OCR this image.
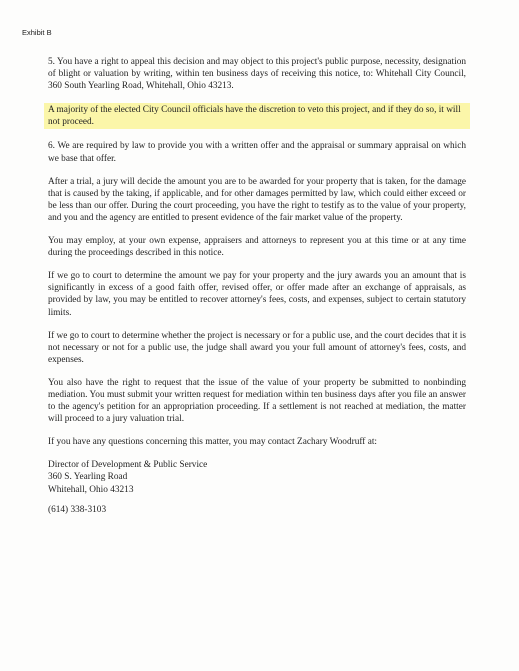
Exhibit B

5. You have a right to appeal this decision and may object to this project's public purpose, necessity, designation of blight or valuation by writing, within ten business days of receiving this notice, to: Whitehall City Council, 360 South Yearling Road, Whitehall, Ohio 43213.

A majority of the elected City Council officials have the discretion to veto this project, and if they do so, it will not proceed.

6. We are required by law to provide you with a written offer and the appraisal or summary appraisal on which we base that offer.

After a trial, a jury will decide the amount you are to be awarded for your property that is taken, for the damage that is caused by the taking, if applicable, and for other damages permitted by law, which could either exceed or be less than our offer. During the court proceeding, you have the right to testify as to the value of your property, and you and the agency are entitled to present evidence of the fair market value of the property.

You may employ, at your own expense, appraisers and attorneys to represent you at this time or at any time during the proceedings described in this notice.

If we go to court to determine the amount we pay for your property and the jury awards you an amount that is significantly in excess of a good faith offer, revised offer, or offer made after an exchange of appraisals, as provided by law, you may be entitled to recover attorney's fees, costs, and expenses, subject to certain statutory limits.

If we go to court to determine whether the project is necessary or for a public use, and the court decides that it is not necessary or not for a public use, the judge shall award you your full amount of attorney's fees, costs, and expenses.

You also have the right to request that the issue of the value of your property be submitted to nonbinding mediation. You must submit your written request for mediation within ten business days after you file an answer to the agency's petition for an appropriation proceeding. If a settlement is not reached at mediation, the matter will proceed to a jury valuation trial.

If you have any questions concerning this matter, you may contact Zachary Woodruff at:

Director of Development & Public Service

360 S. Yearling Road

Whitehall, Ohio 43213

(614) 338-3103
